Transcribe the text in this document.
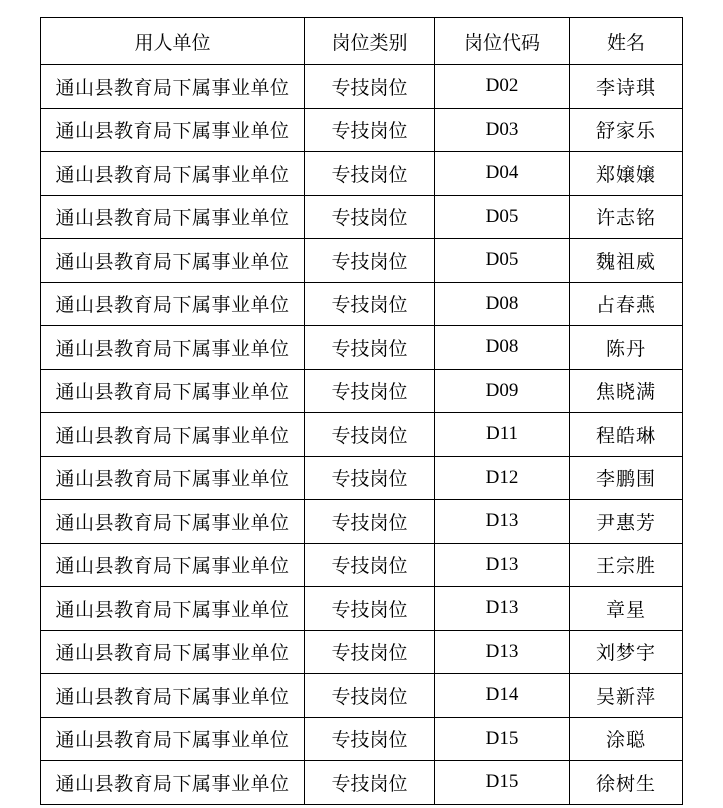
用人单位	岗位类别	岗位代码	姓名
通山县教育局下属事业单位	专技岗位	D02	李诗琪
通山县教育局下属事业单位	专技岗位	D03	舒家乐
通山县教育局下属事业单位	专技岗位	D04	郑嬢嬢
通山县教育局下属事业单位	专技岗位	D05	许志铭
通山县教育局下属事业单位	专技岗位	D05	魏祖威
通山县教育局下属事业单位	专技岗位	D08	占春燕
通山县教育局下属事业单位	专技岗位	D08	陈丹
通山县教育局下属事业单位	专技岗位	D09	焦晓满
通山县教育局下属事业单位	专技岗位	D11	程皓琳
通山县教育局下属事业单位	专技岗位	D12	李鹏围
通山县教育局下属事业单位	专技岗位	D13	尹惠芳
通山县教育局下属事业单位	专技岗位	D13	王宗胜
通山县教育局下属事业单位	专技岗位	D13	章星
通山县教育局下属事业单位	专技岗位	D13	刘梦宇
通山县教育局下属事业单位	专技岗位	D14	吴新萍
通山县教育局下属事业单位	专技岗位	D15	涂聪
通山县教育局下属事业单位	专技岗位	D15	徐树生
